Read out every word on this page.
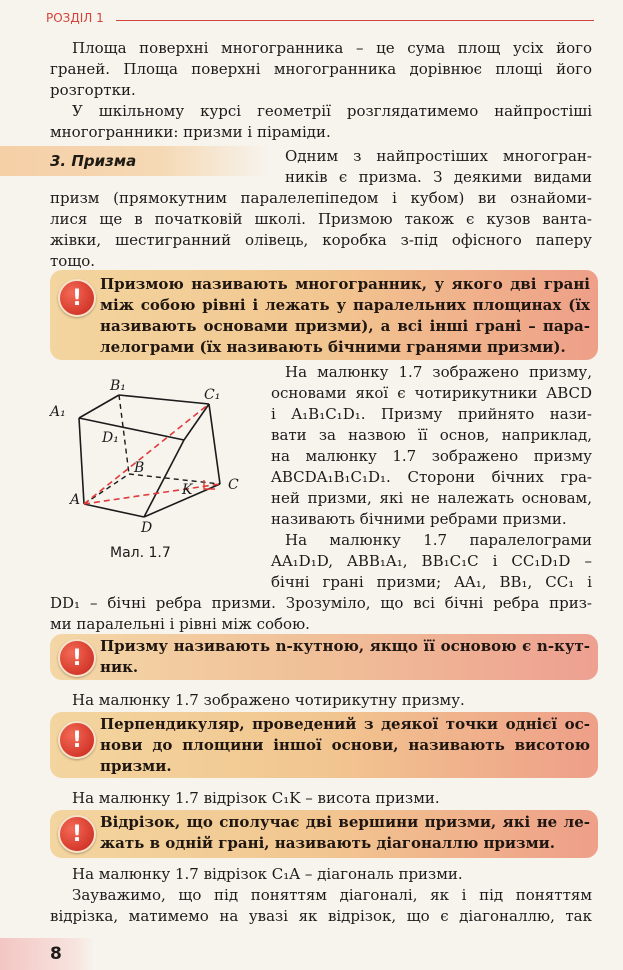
РОЗДІЛ 1
Площа поверхні многогранника – це сума площ усіх його
граней. Площа поверхні многогранника дорівнює площі його
розгортки.
У шкільному курсі геометрії розглядатимемо найпростіші
многогранники: призми і піраміди.
3. Призма	Одним з найпростіших многогран-
ників є призма. З деякими видами
призм (прямокутним паралелепіпедом і кубом) ви ознайоми-
лися ще в початковій школі. Призмою також є кузов ванта-
жівки, шестигранний олівець, коробка з-під офісного паперу
тощо.
!
Призмою називають многогранник, у якого дві грані
між собою рівні і лежать у паралельних площинах (їх
називають основами призми), а всі інші грані – пара-
лелограми (їх називають бічними гранями призми).
B₁
C₁
A₁
D₁
B
C
K
A
D
Мал. 1.7
На малюнку 1.7 зображено призму,
основами якої є чотирикутники ABCD
і A₁B₁C₁D₁. Призму прийнято нази-
вати за назвою її основ, наприклад,
на малюнку 1.7 зображено призму
ABCDA₁B₁C₁D₁. Сторони бічних гра-
ней призми, які не належать основам,
називають бічними ребрами призми.
На малюнку 1.7 паралелограми
AA₁D₁D, ABB₁A₁, BB₁C₁C і CC₁D₁D –
бічні грані призми; AA₁, BB₁, CC₁ і
DD₁ – бічні ребра призми. Зрозуміло, що всі бічні ребра приз-
ми паралельні і рівні між собою.
!	Призму називають n-кутною, якщо її основою є n-кут-
ник.
На малюнку 1.7 зображено чотирикутну призму.
!
Перпендикуляр, проведений з деякої точки однієї ос-
нови до площини іншої основи, називають висотою
призми.
На малюнку 1.7 відрізок C₁K – висота призми.
!	Відрізок, що сполучає дві вершини призми, які не ле-
жать в одній грані, називають діагоналлю призми.
На малюнку 1.7 відрізок C₁A – діагональ призми.
Зауважимо, що під поняттям діагоналі, як і під поняттям
відрізка, матимемо на увазі як відрізок, що є діагоналлю, так
8
